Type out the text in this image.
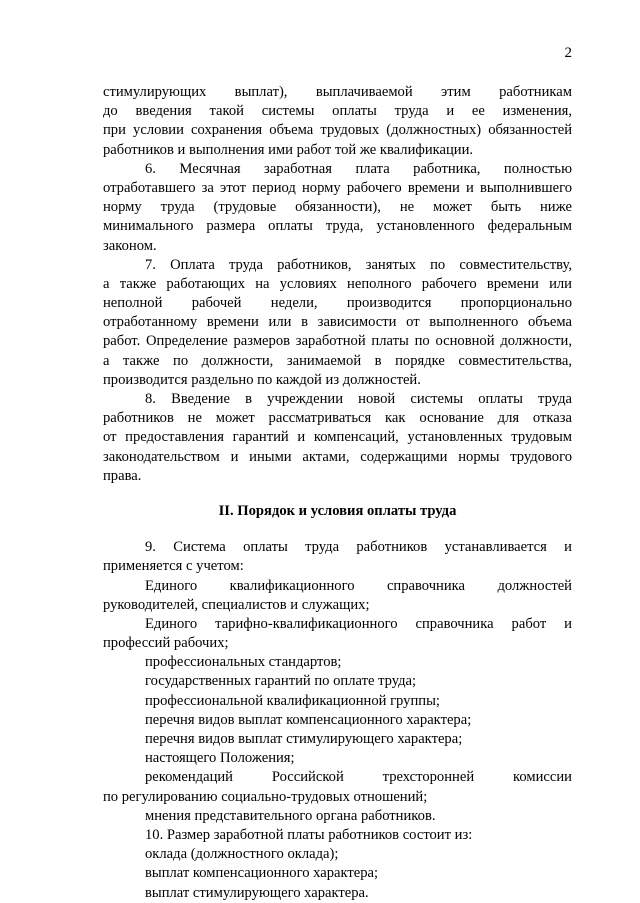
2
стимулирующих выплат), выплачиваемой этим работникам
до введения такой системы оплаты труда и ее изменения,
при условии сохранения объема трудовых (должностных) обязанностей
работников и выполнения ими работ той же квалификации.
6. Месячная заработная плата работника, полностью
отработавшего за этот период норму рабочего времени и выполнившего
норму труда (трудовые обязанности), не может быть ниже
минимального размера оплаты труда, установленного федеральным
законом.
7. Оплата труда работников, занятых по совместительству,
а также работающих на условиях неполного рабочего времени или
неполной рабочей недели, производится пропорционально
отработанному времени или в зависимости от выполненного объема
работ. Определение размеров заработной платы по основной должности,
а также по должности, занимаемой в порядке совместительства,
производится раздельно по каждой из должностей.
8. Введение в учреждении новой системы оплаты труда
работников не может рассматриваться как основание для отказа
от предоставления гарантий и компенсаций, установленных трудовым
законодательством и иными актами, содержащими нормы трудового
права.
II. Порядок и условия оплаты труда
9. Система оплаты труда работников устанавливается и
применяется с учетом:
Единого квалификационного справочника должностей
руководителей, специалистов и служащих;
Единого тарифно-квалификационного справочника работ и
профессий рабочих;
профессиональных стандартов;
государственных гарантий по оплате труда;
профессиональной квалификационной группы;
перечня видов выплат компенсационного характера;
перечня видов выплат стимулирующего характера;
настоящего Положения;
рекомендаций Российской трехсторонней комиссии
по регулированию социально-трудовых отношений;
мнения представительного органа работников.
10. Размер заработной платы работников состоит из:
оклада (должностного оклада);
выплат компенсационного характера;
выплат стимулирующего характера.
